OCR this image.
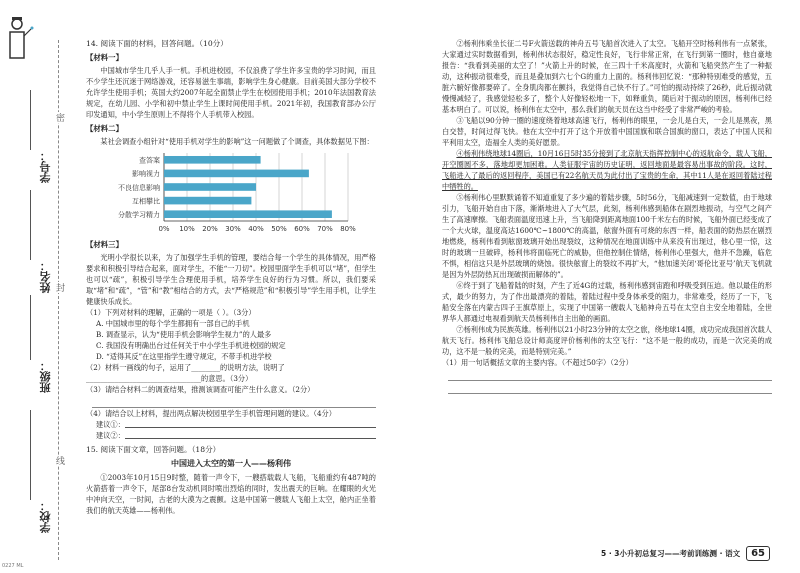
学号：
姓名：
班级：
学校：
密
封
线
0227 ML
14. 阅读下面的材料，回答问题。（10分）
【材料一】
中国城市学生几乎人手一机。手机进校园，不仅浪费了学生许多宝贵的学习时间，而且不少学生还沉迷于网络游戏，还容易滋生事端，影响学生身心健康。目前美国大部分学校不允许学生使用手机；英国大约2007年起全面禁止学生在校园使用手机；2010年法国教育法规定，在幼儿园、小学和初中禁止学生上课时间使用手机。2021年初，我国教育部办公厅印发通知，中小学生原则上不得将个人手机带入校园。
【材料二】
某社会调查小组针对“使用手机对学生的影响”这一问题做了个调查，具体数据见下图：
0% 10% 20% 30% 40% 50% 60% 70% 80%
查答案
影响视力
不良信息影响
互相攀比
分散学习精力
【材料三】
光明小学很长以来，为了加强学生手机的管理，要结合每一个学生的具体情况，用严格要求和积极引导结合起来，面对学生，不能“一刀切”。校园里面学生手机可以“堵”，但学生也可以“疏”，积极引导学生合理使用手机，培养学生良好的行为习惯。所以，我们要采取“堵”和“疏”，“管”和“教”相结合的方式，去“严格规范”和“积极引导”学生用手机，让学生健康快乐成长。
（1）下列对材料的理解，正确的一项是（ ）。（3分）
A. 中国城市里的每个学生都拥有一部自己的手机
B. 调查显示，认为“使用手机会影响学生视力”的人最多
C. 我国没有明确出台过任何关于中小学生手机进校园的规定
D. “适得其反”在这里指学生遵守规定，不带手机进学校
（2）材料一画线的句子，运用了________的说明方法，说明了________________________________的意思。（3分）
（3）请结合材料二的调查结果，推测该调查可能产生什么意义。（2分）
（4）请结合以上材料，提出两点解决校园里学生手机管理问题的建议。（4分）
建议①：
建议②：
15. 阅读下面文章，回答问题。（18分）
中国进入太空的第一人——杨利伟
①2003年10月15日9时整，随着一声令下，一艘搭载载人飞船，飞船重约有487吨的火箭搭着一声令下，尾部8台发动机同时喷出烈焰的同时，发出震天的巨响。在耀眼的火光中冲向天空，一时间，古老的大漠为之震颤。这是中国第一艘载人飞船上太空，舱内正坐着我们的航天英雄——杨利伟。
②杨利伟乘坐长征二号F火箭送载的神舟五号飞船首次进入了太空。飞船开空时杨利伟有一点紧张，大家通过实时数据看到，杨利伟状态很好，稳定性良好，飞行非常正常，在飞行到第一圈时，他自豪地报告：“我看到美丽的太空了！”火箭上升的时候，在三四十千米高度时，火箭和飞船突然产生了一种振动，这种振动很难受，而且是叠加到六七个G的重力上面的。杨利伟回忆说：“那种特别难受的感觉，五脏六腑好像都要碎了。全身肌肉都在颤抖，我觉得自己快不行了。”可怕的振动持续了26秒，此后振动就慢慢减轻了，我感觉轻松多了，整个人好像轻松地一下，如释重负，随后对于振动的原因，杨利伟已经基本明白了。可以说，杨利伟在太空中，那么我们的航天员在这当中经受了非常严峻的考验。
③飞船以90分钟一圈的速度绕着地球高速飞行，杨利伟的眼里，一会儿是白天，一会儿是黑夜，黑白交替，时间过得飞快。他在太空中打开了这个开放着中国国旗和联合国旗的窗口，表达了中国人民和平利用太空，造福全人类的美好愿景。
④杨利伟绕地球14圈后，10月16日5时35分接到了北京航天指挥控制中心的返航命令，载人飞船，开空圈圆不多，落地却更加困难。人类征服宇宙的历史证明，返回地面是最容易出事故的阶段。这时，飞船进入了最后的返回程序，美国已有22名航天员为此付出了宝贵的生命，其中11人是在返回着陆过程中牺牲的。
⑤杨利伟心里默默诵着不知道重复了多少遍的着陆步骤，5时56分，飞船减速到一定数值，由于地球引力，飞船开始自由下落，渐渐地进入了大气层，此刻，杨利伟感到船体在剧烈地振动，与空气之间产生了高速摩擦。飞船表面温度迅速上升，当飞船降到距离地面100千米左右的时候，飞船外面已经变成了一个大火球，温度高达1600℃~1800℃的高温，舷窗外面有可烧的东西一样，船表面的防热层在剧烈地燃烧，杨利伟看到舷窗玻璃开始出现裂纹，这种情况在地面训练中从来没有出现过，他心里一惊，这时的玻璃一旦破碎，杨利伟将面临死亡的威胁，但他控制住情绪，杨利伟心里强大，他并不急躁，临危不惧，相信这只是外层玻璃的烧蚀。很快舷窗上的裂纹不再扩大，“他加速关闭‘哥伦比亚号’航天飞机就是因为外层防热瓦出现破损而解体的”。
⑥终于到了飞船着陆的时刻，产生了近4G的过载，杨利伟感到宙跑和呼吸受到压迫。他以最佳的形式，最少的努力，为了作出最漂亮的着陆，着陆过程中受身体承受的阻力，非常难受，经历了一下，飞船安全落在内蒙古四子王旗草原上，实现了中国第一艘载人飞船神舟五号在太空自主安全地着陆，全世界华人都通过电视看到航天员杨利伟自主出舱的画面。
⑦杨利伟成为民族英雄。杨利伟以21小时23分钟的太空之旅，绕地球14圈，成功完成我国首次载人航天飞行。杨利伟飞船总设计师高度评价杨利伟的太空飞行：“这不是一般的成功，而是一次完美的成功，这不是一般的完美，而是特别完美。”
（1）用一句话概括文章的主要内容。（不超过50字）（2分）
5 · 3小升初总复习——考前训练测 · 语文	65
